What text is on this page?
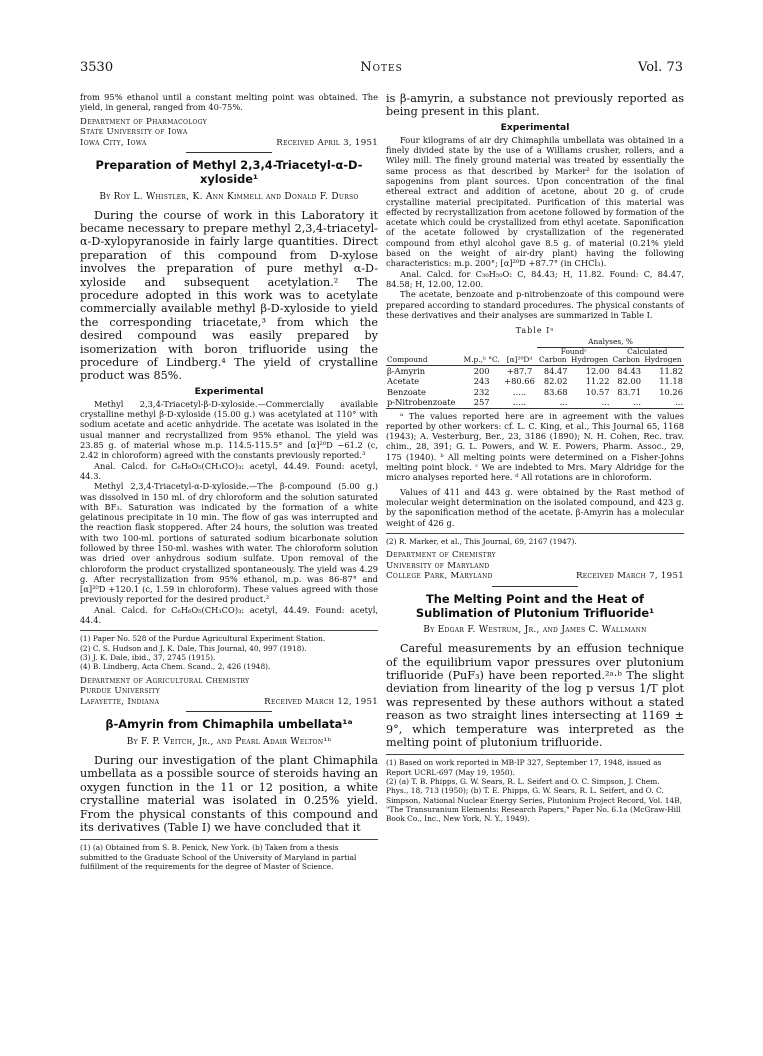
3530	Notes	Vol. 73

from 95% ethanol until a constant melting point was obtained. The yield, in general, ranged from 40-75%.

Department of Pharmacology
State University of Iowa
Iowa City, Iowa	Received April 3, 1951
Preparation of Methyl 2,3,4-Triacetyl-α-D-xyloside¹
By Roy L. Whistler, K. Ann Kimmell and Donald F. Durso

During the course of work in this Laboratory it became necessary to prepare methyl 2,3,4-triacetyl-α-D-xylopyranoside in fairly large quantities. Direct preparation of this compound from D-xylose involves the preparation of pure methyl α-D-xyloside and subsequent acetylation.² The procedure adopted in this work was to acetylate commercially available methyl β-D-xyloside to yield the corresponding triacetate,³ from which the desired compound was easily prepared by isomerization with boron trifluoride using the procedure of Lindberg.⁴ The yield of crystalline product was 85%.

Experimental

Methyl 2,3,4-Triacetyl-β-D-xyloside.—Commercially available crystalline methyl β-D-xyloside (15.00 g.) was acetylated at 110° with sodium acetate and acetic anhydride. The acetate was isolated in the usual manner and recrystallized from 95% ethanol. The yield was 23.85 g. of material whose m.p. 114.5-115.5° and [α]²⁰D −61.2 (c, 2.42 in chloroform) agreed with the constants previously reported.³

Anal. Calcd. for C₆H₆O₅(CH₃CO)₃: acetyl, 44.49. Found: acetyl, 44.3.

Methyl 2,3,4-Triacetyl-α-D-xyloside.—The β-compound (5.00 g.) was dissolved in 150 ml. of dry chloroform and the solution saturated with BF₃. Saturation was indicated by the formation of a white gelatinous precipitate in 10 min. The flow of gas was interrupted and the reaction flask stoppered. After 24 hours, the solution was treated with two 100-ml. portions of saturated sodium bicarbonate solution followed by three 150-ml. washes with water. The chloroform solution was dried over anhydrous sodium sulfate. Upon removal of the chloroform the product crystallized spontaneously. The yield was 4.29 g. After recrystallization from 95% ethanol, m.p. was 86-87° and [α]²⁰D +120.1 (c, 1.59 in chloroform). These values agreed with those previously reported for the desired product.²

Anal. Calcd. for C₆H₆O₅(CH₃CO)₃: acetyl, 44.49. Found: acetyl, 44.4.

(1) Paper No. 528 of the Purdue Agricultural Experiment Station.
(2) C. S. Hudson and J. K. Dale, This Journal, 40, 997 (1918).
(3) J. K. Dale, ibid., 37, 2745 (1915).
(4) B. Lindberg, Acta Chem. Scand., 2, 426 (1948).
Department of Agricultural Chemistry
Purdue University
Lafayette, Indiana	Received March 12, 1951
β-Amyrin from Chimaphila umbellata¹ᵃ
By F. P. Veitch, Jr., and Pearl Adair Welton¹ᵇ

During our investigation of the plant Chimaphila umbellata as a possible source of steroids having an oxygen function in the 11 or 12 position, a white crystalline material was isolated in 0.25% yield. From the physical constants of this compound and its derivatives (Table I) we have concluded that it

(1) (a) Obtained from S. B. Penick, New York. (b) Taken from a thesis submitted to the Graduate School of the University of Maryland in partial fulfillment of the requirements for the degree of Master of Science.

is β-amyrin, a substance not previously reported as being present in this plant.

Experimental

Four kilograms of air dry Chimaphila umbellata was obtained in a finely divided state by the use of a Williams crusher, rollers, and a Wiley mill. The finely ground material was treated by essentially the same process as that described by Marker² for the isolation of sapogenins from plant sources. Upon concentration of the final ethereal extract and addition of acetone, about 20 g. of crude crystalline material precipitated. Purification of this material was effected by recrystallization from acetone followed by formation of the acetate which could be crystallized from ethyl acetate. Saponification of the acetate followed by crystallization of the regenerated compound from ethyl alcohol gave 8.5 g. of material (0.21% yield based on the weight of air-dry plant) having the following characteristics: m.p. 200°; [α]²⁰D +87.7° (in CHCl₃).

Anal. Calcd. for C₃₀H₅₀O: C, 84.43; H, 11.82. Found: C, 84.47, 84.58; H, 12.00, 12.00.

The acetate, benzoate and p-nitrobenzoate of this compound were prepared according to standard procedures. The physical constants of these derivatives and their analyses are summarized in Table I.

Table Iᵃ
			Analyses, %			
			Foundᶜ		Calculated	
Compound	M.p.,ᵇ °C.	[α]²⁰Dᵈ	Carbon	Hydrogen	Carbon	Hydrogen
β-Amyrin	200	+87.7	84.47	12.00	84.43	11.82
Acetate	243	+80.66	82.02	11.22	82.00	11.18
Benzoate	232	.....	83.68	10.57	83.71	10.26
p-Nitrobenzoate	257	.....	...	...	...	...

ᵃ The values reported here are in agreement with the values reported by other workers: cf. L. C. King, et al., This Journal 65, 1168 (1943); A. Vesterburg, Ber., 23, 3186 (1890); N. H. Cohen, Rec. trav. chim., 28, 391; G. L. Powers, and W. E. Powers, Pharm. Assoc., 29, 175 (1940). ᵇ All melting points were determined on a Fisher-Johns melting point block. ᶜ We are indebted to Mrs. Mary Aldridge for the micro analyses reported here. ᵈ All rotations are in chloroform.

Values of 411 and 443 g. were obtained by the Rast method of molecular weight determination on the isolated compound, and 423 g. by the saponification method of the acetate. β-Amyrin has a molecular weight of 426 g.

(2) R. Marker, et al., This Journal, 69, 2167 (1947).
Department of Chemistry
University of Maryland
College Park, Maryland	Received March 7, 1951
The Melting Point and the Heat of Sublimation of Plutonium Trifluoride¹
By Edgar F. Westrum, Jr., and James C. Wallmann

Careful measurements by an effusion technique of the equilibrium vapor pressures over plutonium trifluoride (PuF₃) have been reported.²ᵃ·ᵇ The slight deviation from linearity of the log p versus 1/T plot was represented by these authors without a stated reason as two straight lines intersecting at 1169 ± 9°, which temperature was interpreted as the melting point of plutonium trifluoride.

(1) Based on work reported in MB-IP 327, September 17, 1948, issued as Report UCRL-697 (May 19, 1950).
(2) (a) T. B. Phipps, G. W. Sears, R. L. Seifert and O. C. Simpson, J. Chem. Phys., 18, 713 (1950); (b) T. E. Phipps, G. W. Sears, R. L. Seifert, and O. C. Simpson, National Nuclear Energy Series, Plutonium Project Record, Vol. 14B, "The Transuranium Elements: Research Papers," Paper No. 6.1a (McGraw-Hill Book Co., Inc., New York, N. Y., 1949).
